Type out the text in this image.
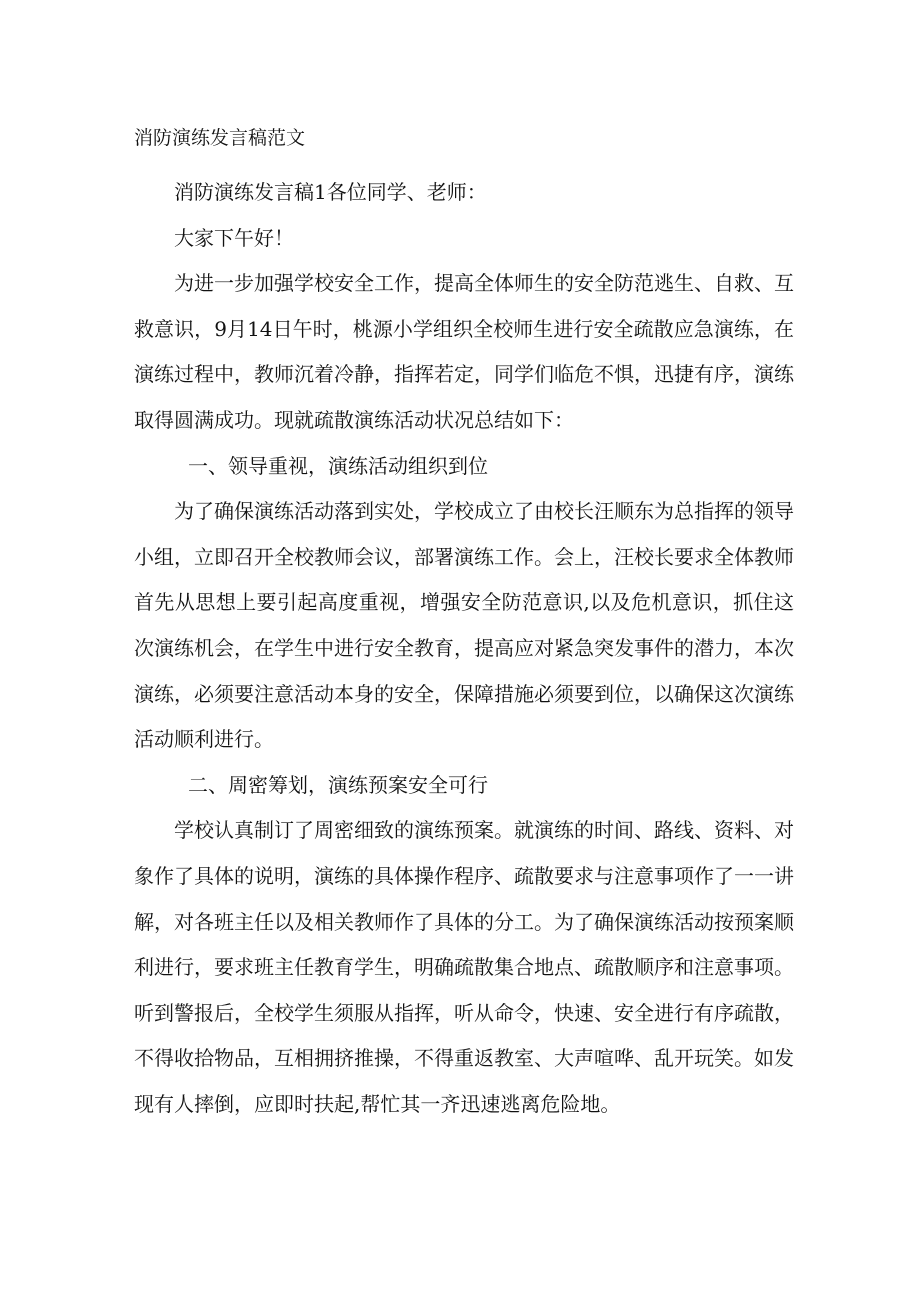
消防演练发言稿范文

消防演练发言稿1各位同学、老师：

大家下午好！

为进一步加强学校安全工作，提高全体师生的安全防范逃生、自救、互救意识，9月14日午时，桃源小学组织全校师生进行安全疏散应急演练，在演练过程中，教师沉着冷静，指挥若定，同学们临危不惧，迅捷有序，演练取得圆满成功。现就疏散演练活动状况总结如下：

一、领导重视，演练活动组织到位

为了确保演练活动落到实处，学校成立了由校长汪顺东为总指挥的领导小组，立即召开全校教师会议，部署演练工作。会上，汪校长要求全体教师首先从思想上要引起高度重视，增强安全防范意识,以及危机意识，抓住这次演练机会，在学生中进行安全教育，提高应对紧急突发事件的潜力，本次演练，必须要注意活动本身的安全，保障措施必须要到位，以确保这次演练活动顺利进行。

二、周密筹划，演练预案安全可行

学校认真制订了周密细致的演练预案。就演练的时间、路线、资料、对象作了具体的说明，演练的具体操作程序、疏散要求与注意事项作了一一讲解，对各班主任以及相关教师作了具体的分工。为了确保演练活动按预案顺利进行，要求班主任教育学生，明确疏散集合地点、疏散顺序和注意事项。听到警报后，全校学生须服从指挥，听从命令，快速、安全进行有序疏散，不得收拾物品，互相拥挤推操，不得重返教室、大声喧哗、乱开玩笑。如发现有人摔倒，应即时扶起,帮忙其一齐迅速逃离危险地。
